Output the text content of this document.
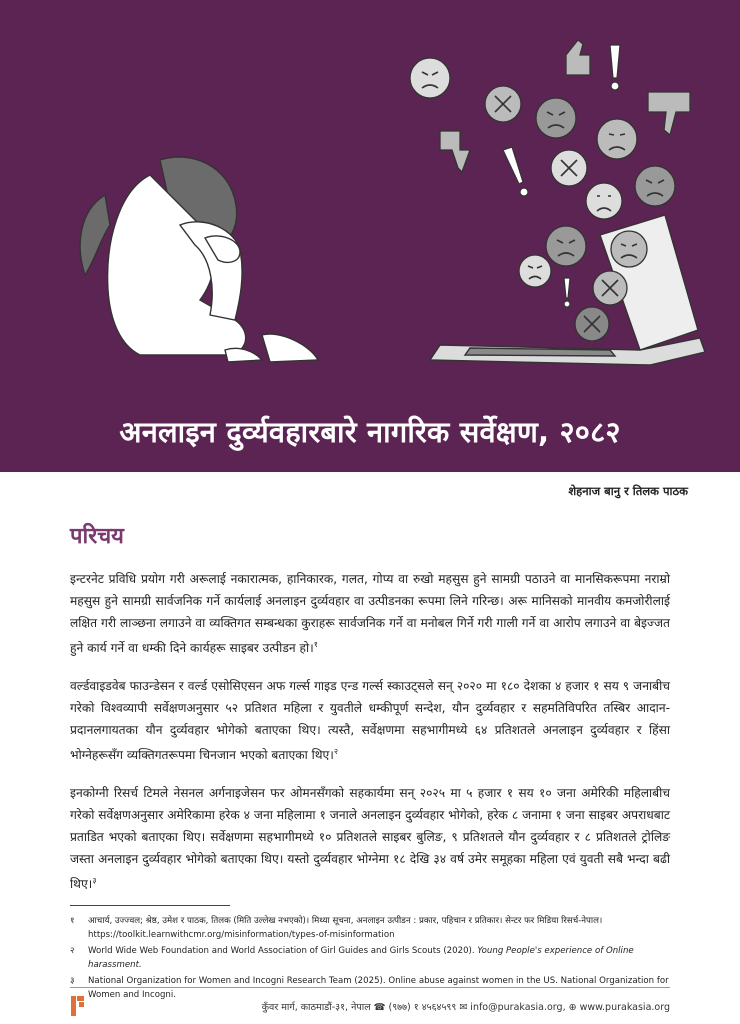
अनलाइन दुर्व्यवहारबारे नागरिक सर्वेक्षण, २०८२
शेहनाज बानु र तिलक पाठक
परिचय

इन्टरनेट प्रविधि प्रयोग गरी अरूलाई नकारात्मक, हानिकारक, गलत, गोप्य वा रुखो महसुस हुने सामग्री पठाउने वा मानसिकरूपमा नराम्रो महसुस हुने सामग्री सार्वजनिक गर्ने कार्यलाई अनलाइन दुर्व्यवहार वा उत्पीडनका रूपमा लिने गरिन्छ। अरू मानिसको मानवीय कमजोरीलाई लक्षित गरी लाञ्छना लगाउने वा व्यक्तिगत सम्बन्धका कुराहरू सार्वजनिक गर्ने वा मनोबल गिर्ने गरी गाली गर्ने वा आरोप लगाउने वा बेइज्जत हुने कार्य गर्ने वा धम्की दिने कार्यहरू साइबर उत्पीडन हो।$^१$

वर्ल्डवाइडवेब फाउन्डेसन र वर्ल्ड एसोसिएसन अफ गर्ल्स गाइड एन्ड गर्ल्स स्काउट्सले सन् २०२० मा १८० देशका ४ हजार १ सय ९ जनाबीच गरेको विश्वव्यापी सर्वेक्षणअनुसार ५२ प्रतिशत महिला र युवतीले धम्कीपूर्ण सन्देश, यौन दुर्व्यवहार र सहमतिविपरित तस्बिर आदान-प्रदानलगायतका यौन दुर्व्यवहार भोगेको बताएका थिए। त्यस्तै, सर्वेक्षणमा सहभागीमध्ये ६४ प्रतिशतले अनलाइन दुर्व्यवहार र हिंसा भोग्नेहरूसँग व्यक्तिगतरूपमा चिनजान भएको बताएका थिए।$^२$

इनकोग्नी रिसर्च टिमले नेसनल अर्गनाइजेसन फर ओमनसँगको सहकार्यमा सन् २०२५ मा ५ हजार १ सय १० जना अमेरिकी महिलाबीच गरेको सर्वेक्षणअनुसार अमेरिकामा हरेक ४ जना महिलामा १ जनाले अनलाइन दुर्व्यवहार भोगेको, हरेक ८ जनामा १ जना साइबर अपराधबाट प्रताडित भएको बताएका थिए। सर्वेक्षणमा सहभागीमध्ये १० प्रतिशतले साइबर बुलिङ, ९ प्रतिशतले यौन दुर्व्यवहार र ८ प्रतिशतले ट्रोलिङ जस्ता अनलाइन दुर्व्यवहार भोगेको बताएका थिए। यस्तो दुर्व्यवहार भोग्नेमा १८ देखि ३४ वर्ष उमेर समूहका महिला एवं युवती सबै भन्दा बढी थिए।$^३$

१	आचार्य, उज्ज्वल; श्रेष्ठ, उमेश र पाठक, तिलक (मिति उल्लेख नभएको)। मिथ्या सूचना, अनलाइन उत्पीडन : प्रकार, पहिचान र प्रतिकार। सेन्टर फर मिडिया रिसर्च-नेपाल। https://toolkit.learnwithcmr.org/misinformation/types-of-misinformation
२	World Wide Web Foundation and World Association of Girl Guides and Girls Scouts (2020). Young People's experience of Online harassment.
३	National Organization for Women and Incogni Research Team (2025). Online abuse against women in the US. National Organization for Women and Incogni.
कुँवर मार्ग, काठमाडौं-३१, नेपाल ☎ (९७७) १ ४५६४५९९ ✉ info@purakasia.org, ⊕ www.purakasia.org
